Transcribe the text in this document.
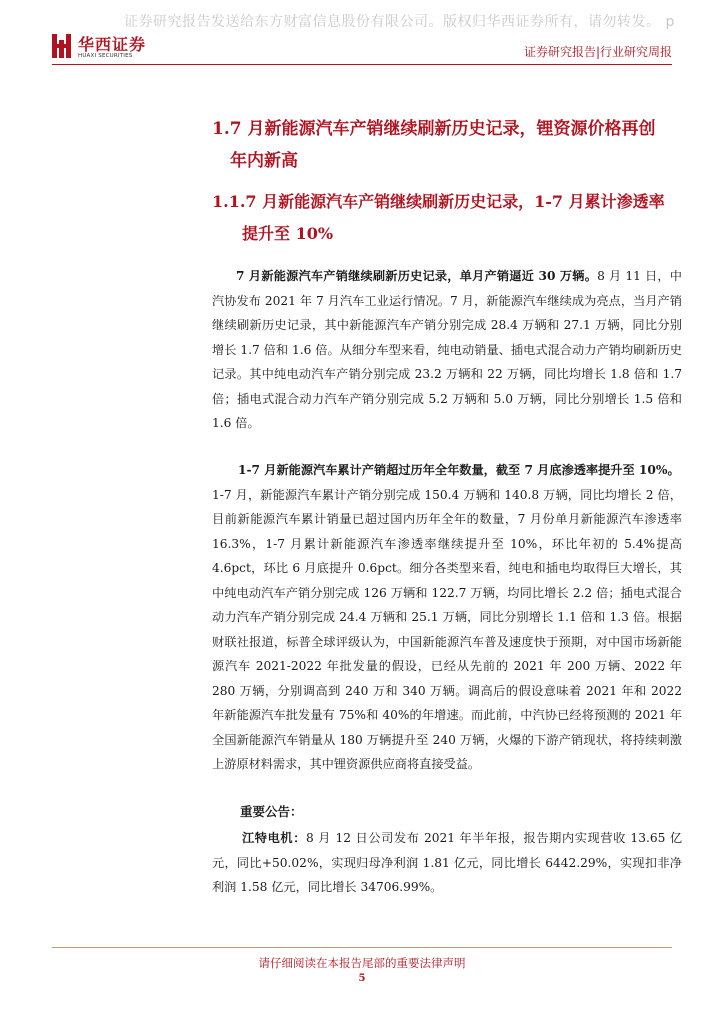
证券研究报告发送给东方财富信息股份有限公司。版权归华西证券所有，请勿转发。 p
华西证券
HUAXI SECURITIES	证券研究报告|行业研究周报
1.7 月新能源汽车产销继续刷新历史记录，锂资源价格再创
年内新高
1.1.7 月新能源汽车产销继续刷新历史记录，1-7 月累计渗透率
提升至 10%

7 月新能源汽车产销继续刷新历史记录，单月产销逼近 30 万辆。8 月 11 日，中汽协发布 2021 年 7 月汽车工业运行情况。7 月，新能源汽车继续成为亮点，当月产销继续刷新历史记录，其中新能源汽车产销分别完成 28.4 万辆和 27.1 万辆，同比分别增长 1.7 倍和 1.6 倍。从细分车型来看，纯电动销量、插电式混合动力产销均刷新历史记录。其中纯电动汽车产销分别完成 23.2 万辆和 22 万辆，同比均增长 1.8 倍和 1.7 倍；插电式混合动力汽车产销分别完成 5.2 万辆和 5.0 万辆，同比分别增长 1.5 倍和 1.6 倍。

1-7 月新能源汽车累计产销超过历年全年数量，截至 7 月底渗透率提升至 10%。
1-7 月，新能源汽车累计产销分别完成 150.4 万辆和 140.8 万辆，同比均增长 2 倍，目前新能源汽车累计销量已超过国内历年全年的数量，7 月份单月新能源汽车渗透率 16.3%，1-7 月累计新能源汽车渗透率继续提升至 10%，环比年初的 5.4%提高 4.6pct，环比 6 月底提升 0.6pct。细分各类型来看，纯电和插电均取得巨大增长，其中纯电动汽车产销分别完成 126 万辆和 122.7 万辆，均同比增长 2.2 倍；插电式混合动力汽车产销分别完成 24.4 万辆和 25.1 万辆，同比分别增长 1.1 倍和 1.3 倍。根据财联社报道，标普全球评级认为，中国新能源汽车普及速度快于预期，对中国市场新能源汽车 2021-2022 年批发量的假设，已经从先前的 2021 年 200 万辆、2022 年 280 万辆，分别调高到 240 万和 340 万辆。调高后的假设意味着 2021 年和 2022 年新能源汽车批发量有 75%和 40%的年增速。而此前，中汽协已经将预测的 2021 年全国新能源汽车销量从 180 万辆提升至 240 万辆，火爆的下游产销现状，将持续刺激上游原材料需求，其中锂资源供应商将直接受益。

重要公告：

江特电机：8 月 12 日公司发布 2021 年半年报，报告期内实现营收 13.65 亿元，同比+50.02%，实现归母净利润 1.81 亿元，同比增长 6442.29%，实现扣非净利润 1.58 亿元，同比增长 34706.99%。

请仔细阅读在本报告尾部的重要法律声明
5
